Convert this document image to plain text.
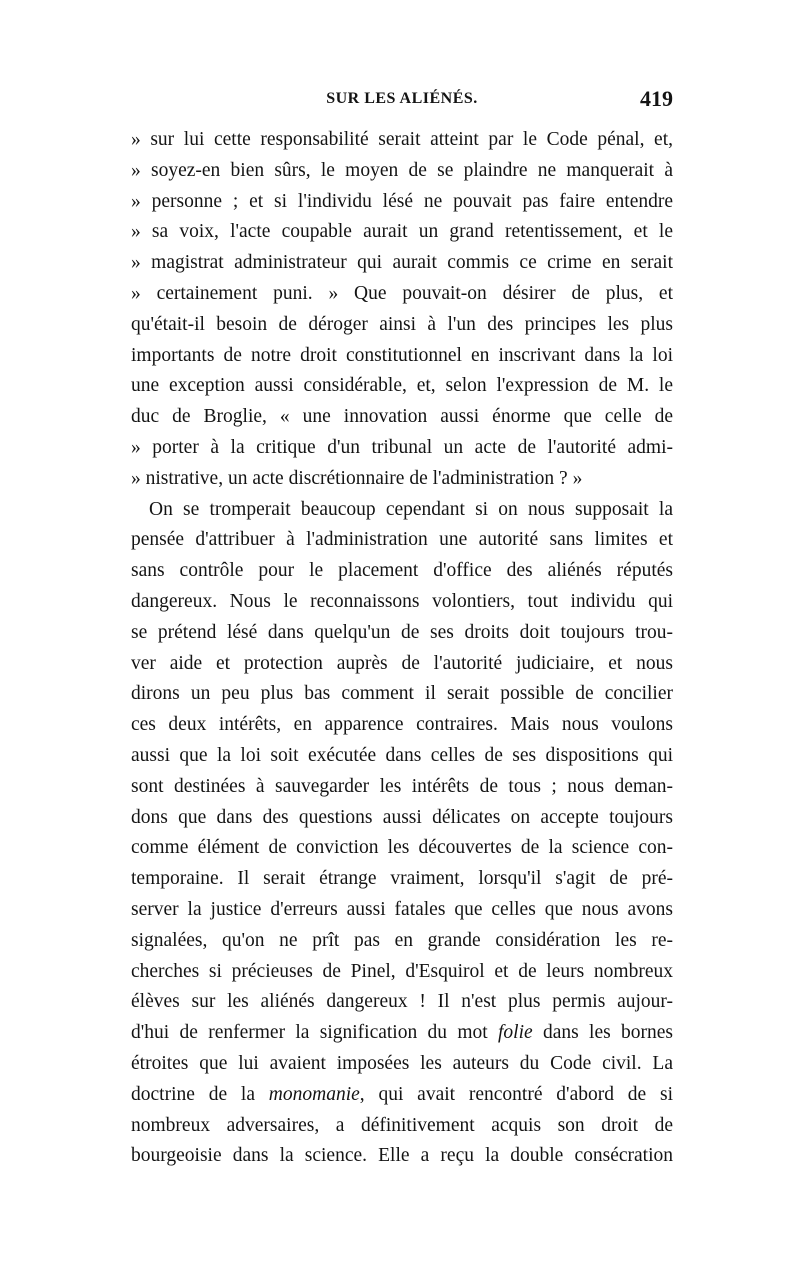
SUR LES ALIÉNÉS.	419
» sur lui cette responsabilité serait atteint par le Code pénal, et,
» soyez-en bien sûrs, le moyen de se plaindre ne manquerait à
» personne ; et si l'individu lésé ne pouvait pas faire entendre
» sa voix, l'acte coupable aurait un grand retentissement, et le
» magistrat administrateur qui aurait commis ce crime en serait
» certainement puni. » Que pouvait-on désirer de plus, et
qu'était-il besoin de déroger ainsi à l'un des principes les plus
importants de notre droit constitutionnel en inscrivant dans la loi
une exception aussi considérable, et, selon l'expression de M. le
duc de Broglie, « une innovation aussi énorme que celle de
» porter à la critique d'un tribunal un acte de l'autorité admi-
» nistrative, un acte discrétionnaire de l'administration ? »
On se tromperait beaucoup cependant si on nous supposait la
pensée d'attribuer à l'administration une autorité sans limites et
sans contrôle pour le placement d'office des aliénés réputés
dangereux. Nous le reconnaissons volontiers, tout individu qui
se prétend lésé dans quelqu'un de ses droits doit toujours trou-
ver aide et protection auprès de l'autorité judiciaire, et nous
dirons un peu plus bas comment il serait possible de concilier
ces deux intérêts, en apparence contraires. Mais nous voulons
aussi que la loi soit exécutée dans celles de ses dispositions qui
sont destinées à sauvegarder les intérêts de tous ; nous deman-
dons que dans des questions aussi délicates on accepte toujours
comme élément de conviction les découvertes de la science con-
temporaine. Il serait étrange vraiment, lorsqu'il s'agit de pré-
server la justice d'erreurs aussi fatales que celles que nous avons
signalées, qu'on ne prît pas en grande considération les re-
cherches si précieuses de Pinel, d'Esquirol et de leurs nombreux
élèves sur les aliénés dangereux ! Il n'est plus permis aujour-
d'hui de renfermer la signification du mot folie dans les bornes
étroites que lui avaient imposées les auteurs du Code civil. La
doctrine de la monomanie, qui avait rencontré d'abord de si
nombreux adversaires, a définitivement acquis son droit de
bourgeoisie dans la science. Elle a reçu la double consécration
